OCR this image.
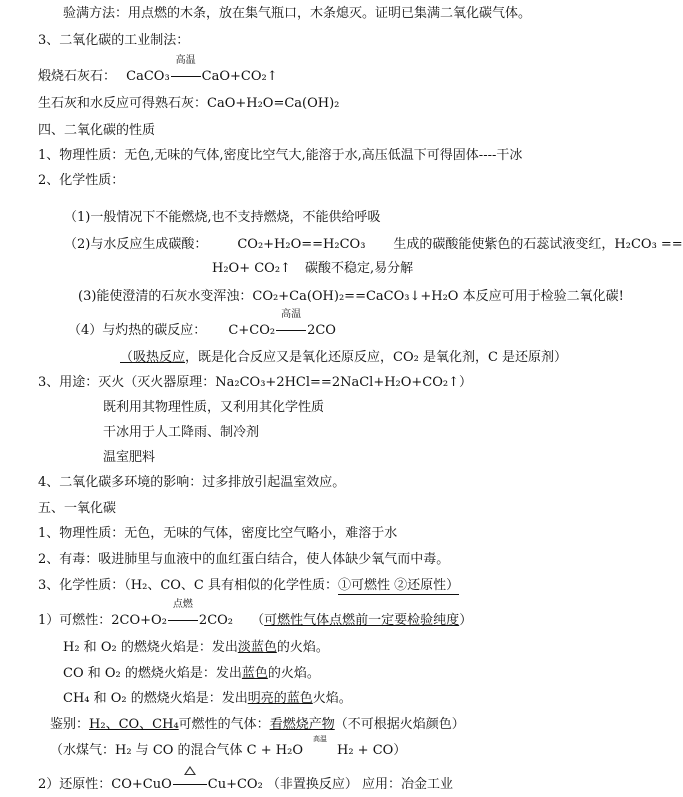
验满方法：用点燃的木条，放在集气瓶口，木条熄灭。证明已集满二氧化碳气体。
3、二氧化碳的工业制法：
煅烧石灰石： CaCO₃
高温
CaO+CO₂↑
生石灰和水反应可得熟石灰：CaO+H₂O=Ca(OH)₂
四、二氧化碳的性质
1、物理性质：无色,无味的气体,密度比空气大,能溶于水,高压低温下可得固体----干冰
2、化学性质：
（1)一般情况下不能燃烧,也不支持燃烧，不能供给呼吸
（2)与水反应生成碳酸： CO₂+H₂O==H₂CO₃ 生成的碳酸能使紫色的石蕊试液变红，H₂CO₃ ==
H₂O+ CO₂↑ 碳酸不稳定,易分解
(3)能使澄清的石灰水变浑浊：CO₂+Ca(OH)₂==CaCO₃↓+H₂O 本反应可用于检验二氧化碳!
（4）与灼热的碳反应： C+CO₂
高温
2CO
（吸热反应，既是化合反应又是氧化还原反应，CO₂ 是氧化剂，C 是还原剂）
3、用途：灭火（灭火器原理：Na₂CO₃+2HCl==2NaCl+H₂O+CO₂↑）
既利用其物理性质，又利用其化学性质
干冰用于人工降雨、制冷剂
温室肥料
4、二氧化碳多环境的影响：过多排放引起温室效应。
五、一氧化碳
1、物理性质：无色，无味的气体，密度比空气略小，难溶于水
2、有毒：吸进肺里与血液中的血红蛋白结合，使人体缺少氧气而中毒。
3、化学性质：（H₂、CO、C 具有相似的化学性质：①可燃性 ②还原性）
1）可燃性：2CO+O₂
点燃
2CO₂ （可燃性气体点燃前一定要检验纯度）
H₂ 和 O₂ 的燃烧火焰是：发出淡蓝色的火焰。
CO 和 O₂ 的燃烧火焰是：发出蓝色的火焰。
CH₄ 和 O₂ 的燃烧火焰是：发出明亮的蓝色火焰。
鉴别：H₂、CO、CH₄可燃性的气体：看燃烧产物（不可根据火焰颜色）
（水煤气：H₂ 与 CO 的混合气体 C + H₂O
高温
H₂ + CO）
2）还原性：CO+CuO	Cu+CO₂ （非置换反应） 应用：冶金工业
